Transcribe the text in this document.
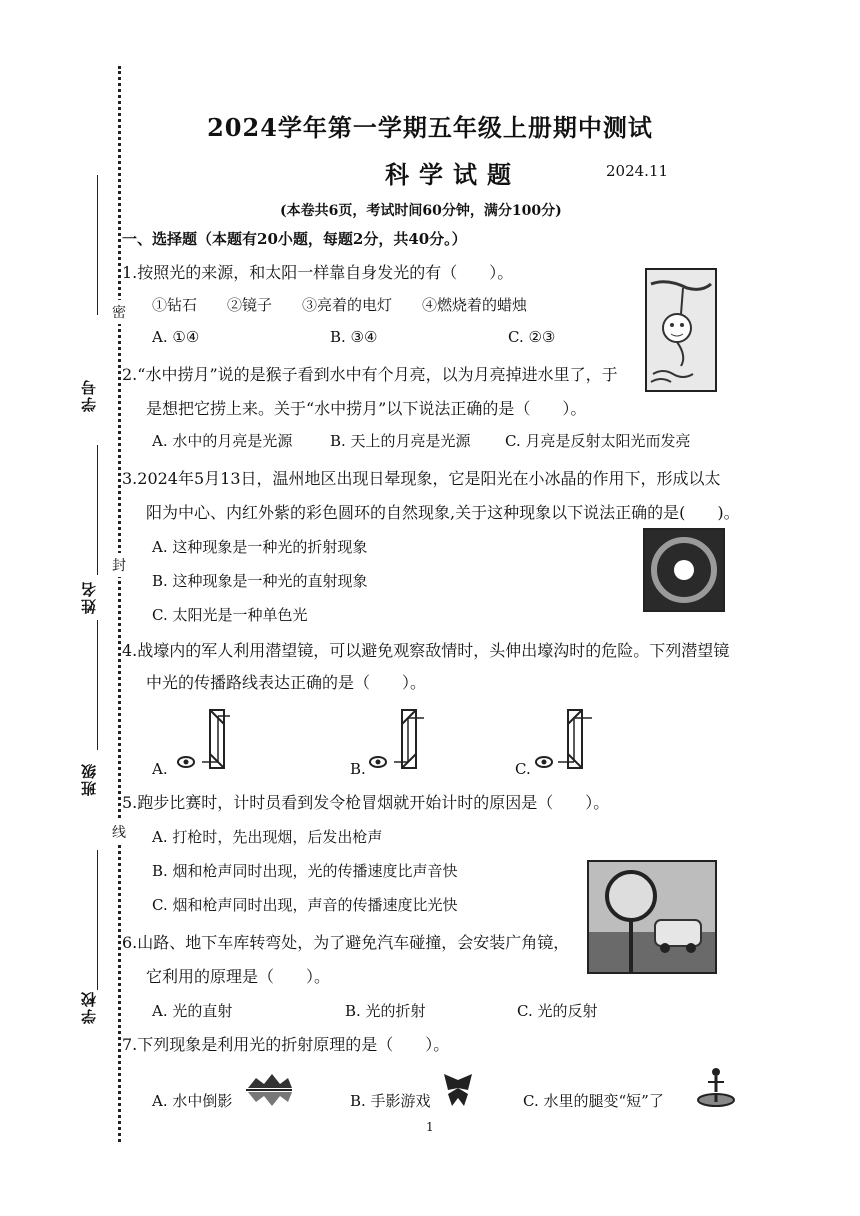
学号
姓名
班级
学校
密
封
线
2024学年第一学期五年级上册期中测试
科学试题	2024.11
(本卷共6页，考试时间60分钟，满分100分)
一、选择题（本题有20小题，每题2分，共40分。）
1.按照光的来源，和太阳一样靠自身发光的有（　　）。
①钻石　　②镜子　　③亮着的电灯　　④燃烧着的蜡烛
A. ①④	B. ③④	C. ②③
2.“水中捞月”说的是猴子看到水中有个月亮，以为月亮掉进水里了，于
是想把它捞上来。关于“水中捞月”以下说法正确的是（　　）。
A. 水中的月亮是光源	B. 天上的月亮是光源 C. 月亮是反射太阳光而发亮
3.2024年5月13日，温州地区出现日晕现象，它是阳光在小冰晶的作用下，形成以太
阳为中心、内红外紫的彩色圆环的自然现象,关于这种现象以下说法正确的是(　　)。
A. 这种现象是一种光的折射现象
B. 这种现象是一种光的直射现象
C. 太阳光是一种单色光
4.战壕内的军人利用潜望镜，可以避免观察敌情时，头伸出壕沟时的危险。下列潜望镜
中光的传播路线表达正确的是（　　）。
A.	B.	C.
5.跑步比赛时，计时员看到发令枪冒烟就开始计时的原因是（　　）。
A. 打枪时，先出现烟，后发出枪声
B. 烟和枪声同时出现，光的传播速度比声音快
C. 烟和枪声同时出现，声音的传播速度比光快
6.山路、地下车库转弯处，为了避免汽车碰撞，会安装广角镜，
它利用的原理是（　　）。
A. 光的直射	B. 光的折射	C. 光的反射
7.下列现象是利用光的折射原理的是（　　）。
A. 水中倒影	B. 手影游戏	C. 水里的腿变“短”了
1
